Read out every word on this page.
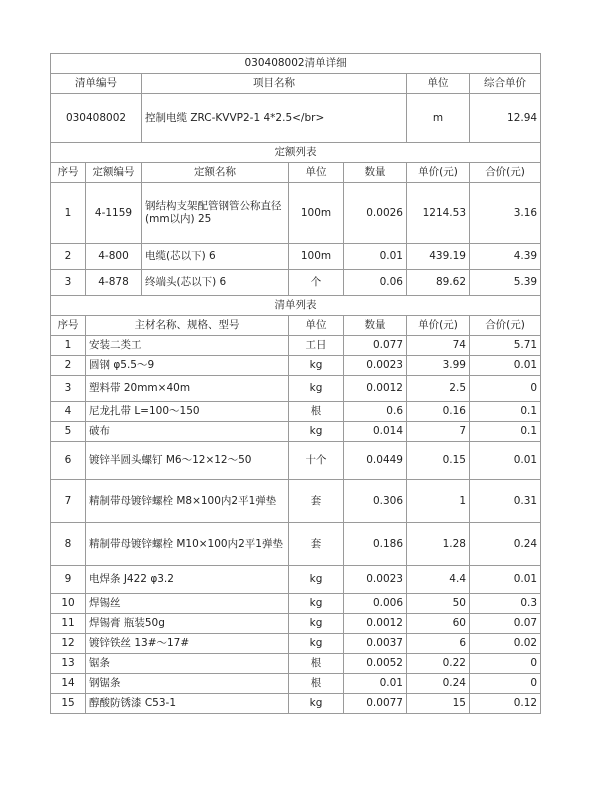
030408002清单详细						
清单编号		项目名称			单位	综合单价
030408002		控制电缆 ZRC-KVVP2-1 4*2.5</br>			m	12.94
定额列表						
序号	定额编号	定额名称	单位	数量	单价(元)	合价(元)
1	4-1159	钢结构支架配管钢管公称直径(mm以内) 25	100m	0.0026	1214.53	3.16
2	4-800	电缆(芯以下) 6	100m	0.01	439.19	4.39
3	4-878	终端头(芯以下) 6	个	0.06	89.62	5.39
清单列表						
序号	主材名称、规格、型号		单位	数量	单价(元)	合价(元)
1	安装二类工		工日	0.077	74	5.71
2	圆钢 φ5.5～9		kg	0.0023	3.99	0.01
3	塑料带 20mm×40m		kg	0.0012	2.5	0
4	尼龙扎带 L=100～150		根	0.6	0.16	0.1
5	破布		kg	0.014	7	0.1
6	镀锌半圆头螺钉 M6～12×12～50		十个	0.0449	0.15	0.01
7	精制带母镀锌螺栓 M8×100内2平1弹垫		套	0.306	1	0.31
8	精制带母镀锌螺栓 M10×100内2平1弹垫		套	0.186	1.28	0.24
9	电焊条 J422 φ3.2		kg	0.0023	4.4	0.01
10	焊锡丝		kg	0.006	50	0.3
11	焊锡膏 瓶装50g		kg	0.0012	60	0.07
12	镀锌铁丝 13#～17#		kg	0.0037	6	0.02
13	锯条		根	0.0052	0.22	0
14	钢锯条		根	0.01	0.24	0
15	醇酸防锈漆 C53-1		kg	0.0077	15	0.12
